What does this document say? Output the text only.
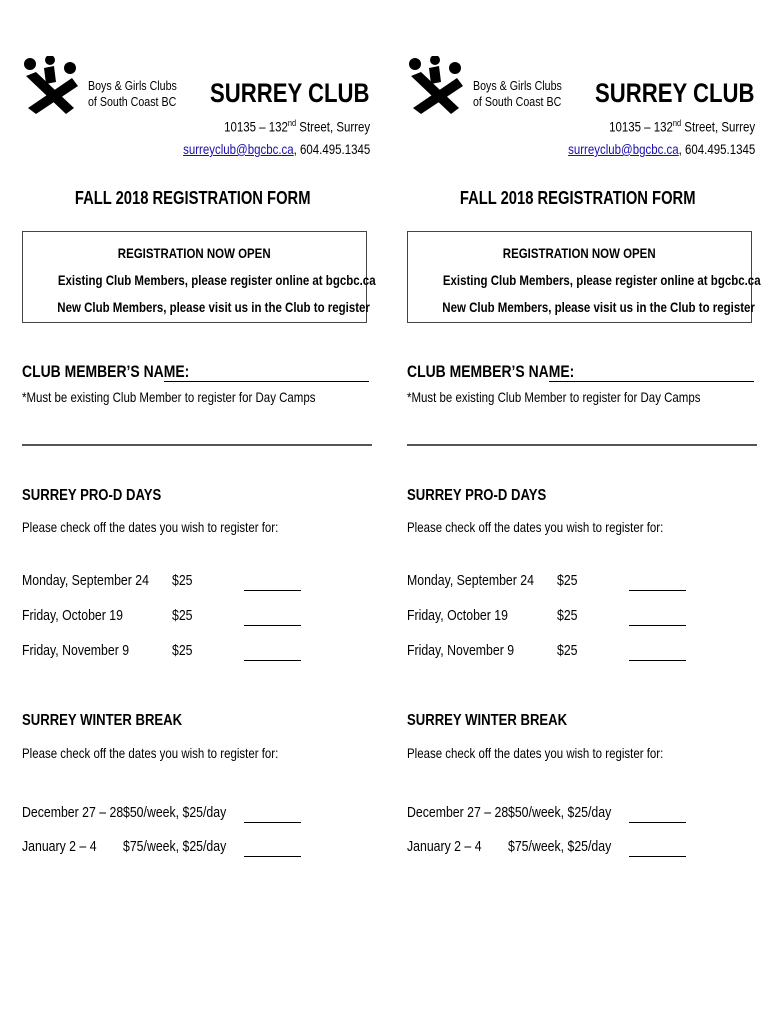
Boys & Girls Clubs
of South Coast BC SURREY CLUB
10135 – 132nd Street, Surrey
surreyclub@bgcbc.ca, 604.495.1345
FALL 2018 REGISTRATION FORM
REGISTRATION NOW OPEN
Existing Club Members, please register online at bgcbc.ca
New Club Members, please visit us in the Club to register
CLUB MEMBER’S NAME:
*Must be existing Club Member to register for Day Camps
SURREY PRO-D DAYS
Please check off the dates you wish to register for:
Monday, September 24 $25
Friday, October 19	$25
Friday, November 9	$25
SURREY WINTER BREAK
Please check off the dates you wish to register for:
December 27 – 28 $50/week, $25/day
January 2 – 4 $75/week, $25/day
Boys & Girls Clubs
of South Coast BC SURREY CLUB
10135 – 132nd Street, Surrey
surreyclub@bgcbc.ca, 604.495.1345
FALL 2018 REGISTRATION FORM
REGISTRATION NOW OPEN
Existing Club Members, please register online at bgcbc.ca
New Club Members, please visit us in the Club to register
CLUB MEMBER’S NAME:
*Must be existing Club Member to register for Day Camps
SURREY PRO-D DAYS
Please check off the dates you wish to register for:
Monday, September 24 $25
Friday, October 19	$25
Friday, November 9	$25
SURREY WINTER BREAK
Please check off the dates you wish to register for:
December 27 – 28 $50/week, $25/day
January 2 – 4 $75/week, $25/day
